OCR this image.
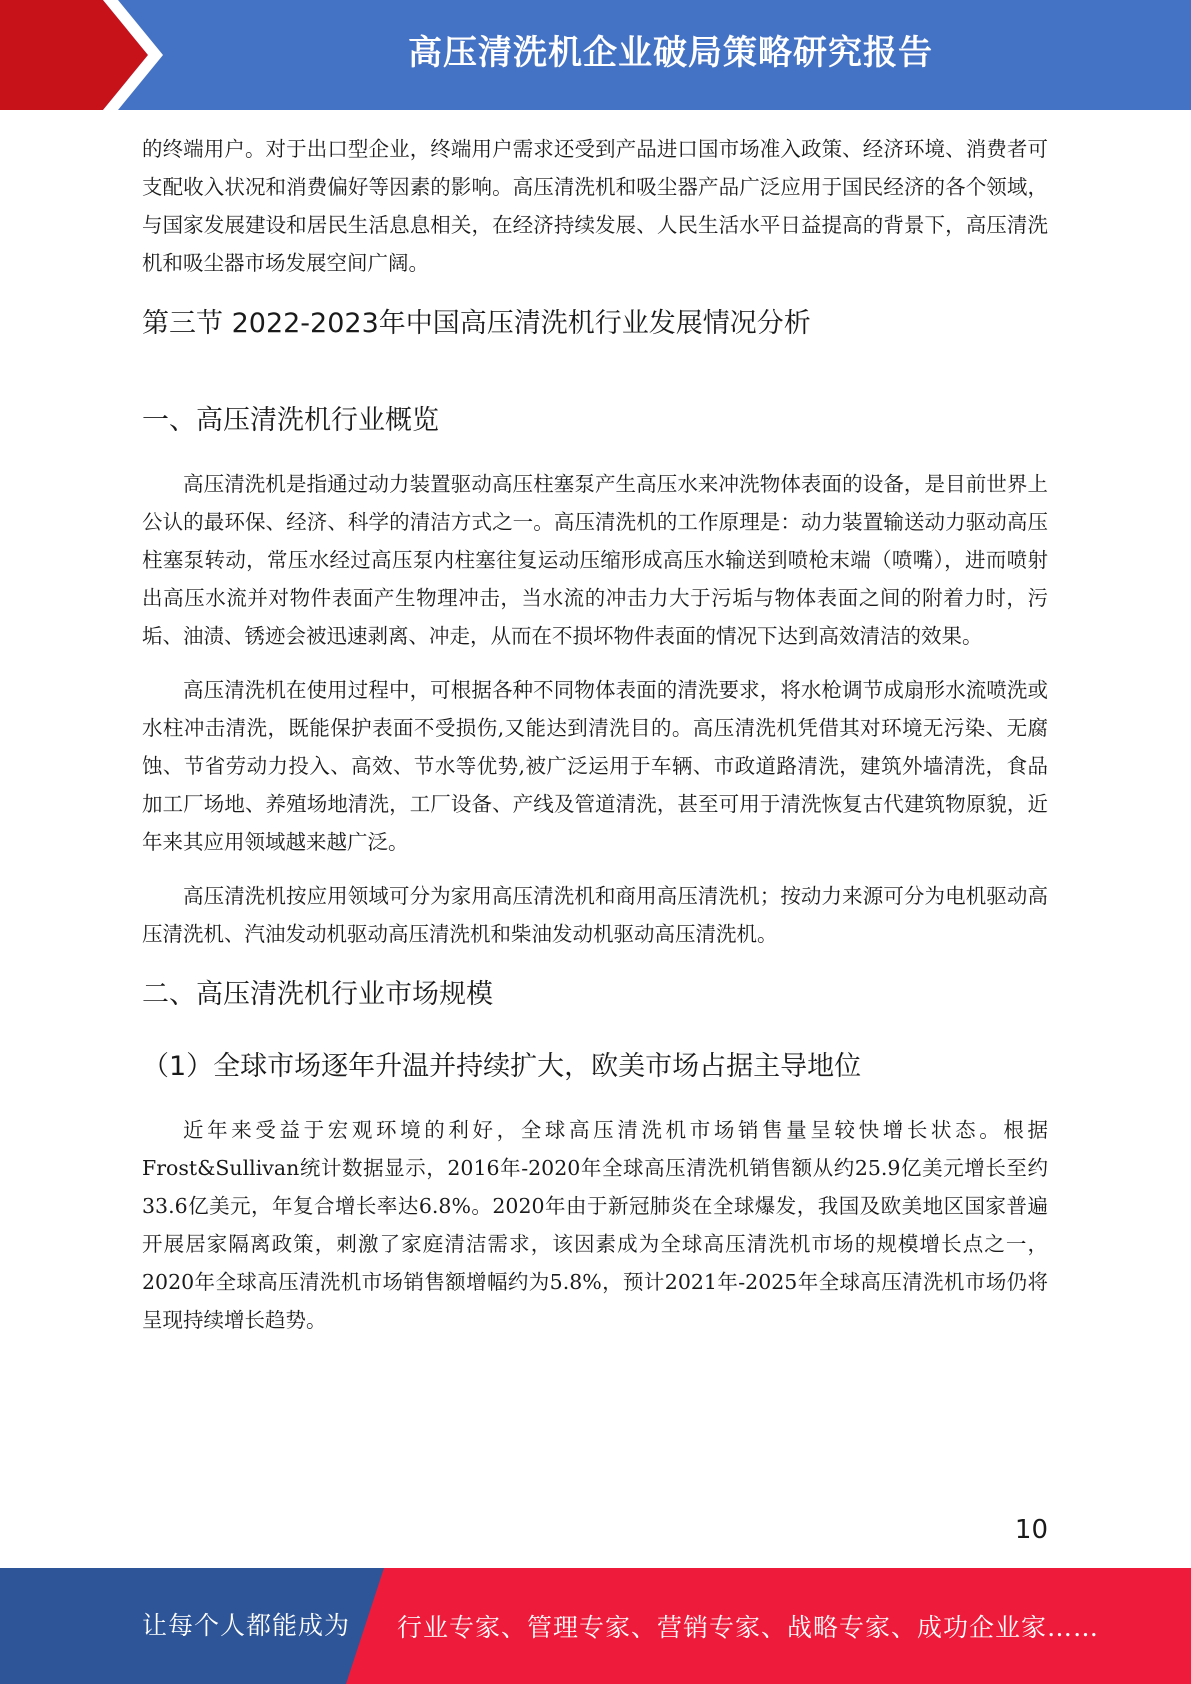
高压清洗机企业破局策略研究报告

的终端用户。对于出口型企业，终端用户需求还受到产品进口国市场准入政策、经济环境、消费者可支配收入状况和消费偏好等因素的影响。高压清洗机和吸尘器产品广泛应用于国民经济的各个领域，与国家发展建设和居民生活息息相关，在经济持续发展、人民生活水平日益提高的背景下，高压清洗机和吸尘器市场发展空间广阔。

第三节 2022-2023年中国高压清洗机行业发展情况分析
一、高压清洗机行业概览

高压清洗机是指通过动力装置驱动高压柱塞泵产生高压水来冲洗物体表面的设备，是目前世界上公认的最环保、经济、科学的清洁方式之一。高压清洗机的工作原理是：动力装置输送动力驱动高压柱塞泵转动，常压水经过高压泵内柱塞往复运动压缩形成高压水输送到喷枪末端（喷嘴），进而喷射出高压水流并对物件表面产生物理冲击，当水流的冲击力大于污垢与物体表面之间的附着力时，污垢、油渍、锈迹会被迅速剥离、冲走，从而在不损坏物件表面的情况下达到高效清洁的效果。

高压清洗机在使用过程中，可根据各种不同物体表面的清洗要求，将水枪调节成扇形水流喷洗或水柱冲击清洗，既能保护表面不受损伤,又能达到清洗目的。高压清洗机凭借其对环境无污染、无腐蚀、节省劳动力投入、高效、节水等优势,被广泛运用于车辆、市政道路清洗，建筑外墙清洗，食品加工厂场地、养殖场地清洗，工厂设备、产线及管道清洗，甚至可用于清洗恢复古代建筑物原貌，近年来其应用领域越来越广泛。

高压清洗机按应用领域可分为家用高压清洗机和商用高压清洗机；按动力来源可分为电机驱动高压清洗机、汽油发动机驱动高压清洗机和柴油发动机驱动高压清洗机。

二、高压清洗机行业市场规模
（1）全球市场逐年升温并持续扩大，欧美市场占据主导地位

近年来受益于宏观环境的利好，全球高压清洗机市场销售量呈较快增长状态。根据Frost&Sullivan统计数据显示，2016年-2020年全球高压清洗机销售额从约25.9亿美元增长至约33.6亿美元，年复合增长率达6.8%。2020年由于新冠肺炎在全球爆发，我国及欧美地区国家普遍开展居家隔离政策，刺激了家庭清洁需求，该因素成为全球高压清洗机市场的规模增长点之一，2020年全球高压清洗机市场销售额增幅约为5.8%，预计2021年-2025年全球高压清洗机市场仍将呈现持续增长趋势。

10
让每个人都能成为 行业专家、管理专家、营销专家、战略专家、成功企业家……
